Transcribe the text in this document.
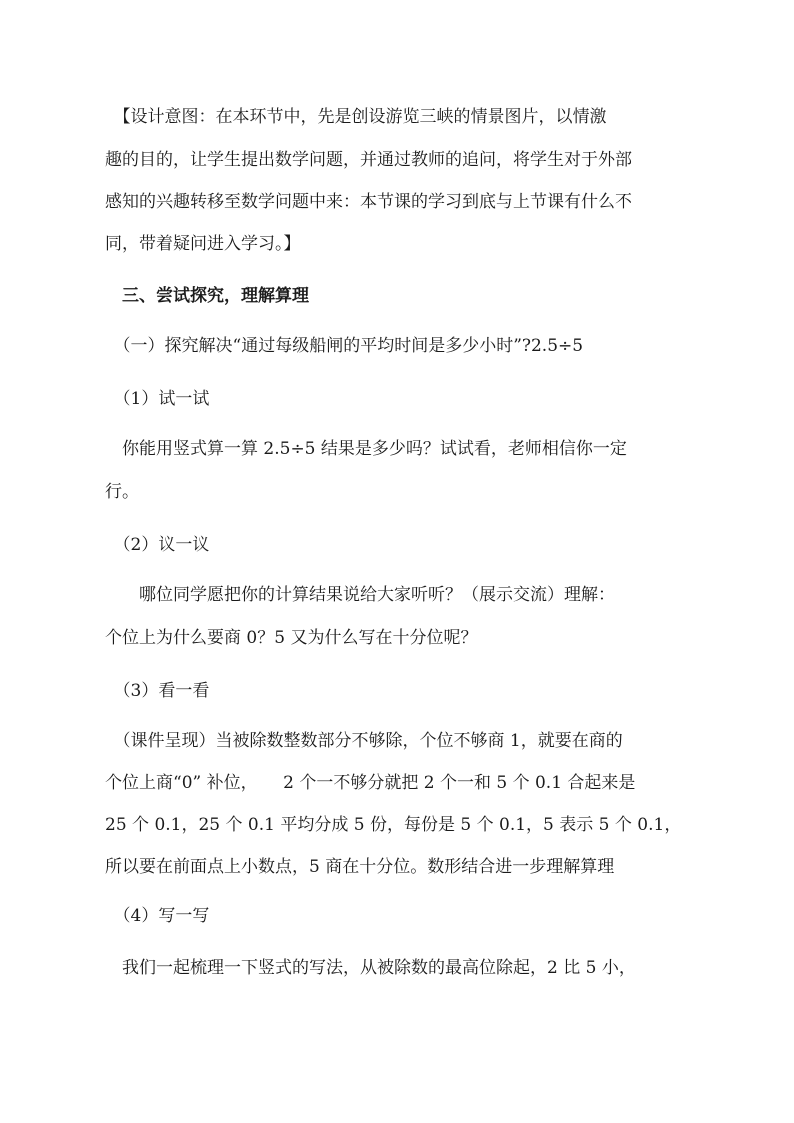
　【设计意图：在本环节中，先是创设游览三峡的情景图片，以情激
趣的目的，让学生提出数学问题，并通过教师的追问，将学生对于外部
感知的兴趣转移至数学问题中来：本节课的学习到底与上节课有什么不
同，带着疑问进入学习。】
　三、尝试探究，理解算理
　（一）探究解决“通过每级船闸的平均时间是多少小时”?2.5÷5
　（1）试一试
　你能用竖式算一算 2.5÷5 结果是多少吗？试试看，老师相信你一定
行。
　（2）议一议
　　哪位同学愿把你的计算结果说给大家听听？（展示交流）理解：
个位上为什么要商 0？5 又为什么写在十分位呢？
　（3）看一看
　（课件呈现）当被除数整数部分不够除，个位不够商 1，就要在商的
个位上商“0” 补位，　　2 个一不够分就把 2 个一和 5 个 0.1 合起来是
25 个 0.1，25 个 0.1 平均分成 5 份，每份是 5 个 0.1，5 表示 5 个 0.1，
所以要在前面点上小数点，5 商在十分位。数形结合进一步理解算理
　（4）写一写
　我们一起梳理一下竖式的写法，从被除数的最高位除起，2 比 5 小，
